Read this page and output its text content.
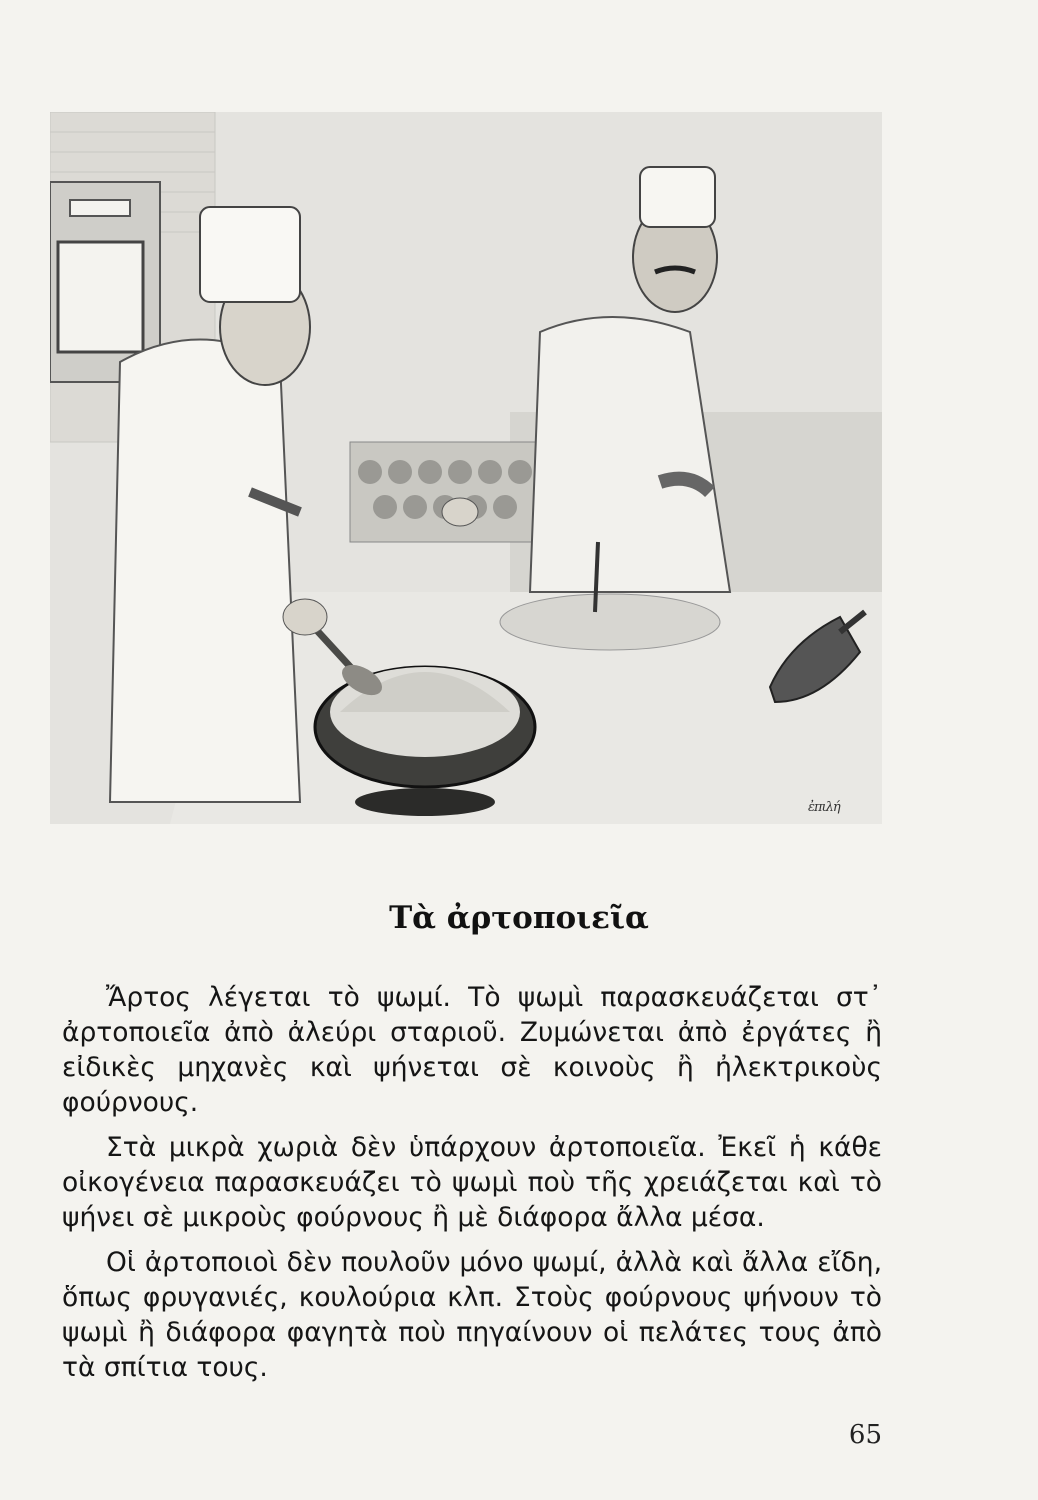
ἐπιλή
Τὰ ἀρτοποιεῖα

Ἄρτος λέγεται τὸ ψωμί. Τὸ ψωμὶ παρασκευάζεται στ᾿ ἀρτοποιεῖα ἀπὸ ἀλεύρι σταριοῦ. Ζυμώνεται ἀπὸ ἐργάτες ἢ εἰδικὲς μηχανὲς καὶ ψήνεται σὲ κοινοὺς ἢ ἠλεκτρικοὺς φούρνους.

Στὰ μικρὰ χωριὰ δὲν ὑπάρχουν ἀρτοποιεῖα. Ἐκεῖ ἡ κάθε οἰκογένεια παρασκευάζει τὸ ψωμὶ ποὺ τῆς χρειάζεται καὶ τὸ ψήνει σὲ μικροὺς φούρνους ἢ μὲ διάφορα ἄλλα μέσα.

Οἱ ἀρτοποιοὶ δὲν πουλοῦν μόνο ψωμί, ἀλλὰ καὶ ἄλλα εἴδη, ὅπως φρυγανιές, κουλούρια κλπ. Στοὺς φούρνους ψήνουν τὸ ψωμὶ ἢ διάφορα φαγητὰ ποὺ πηγαίνουν οἱ πελάτες τους ἀπὸ τὰ σπίτια τους.

65
